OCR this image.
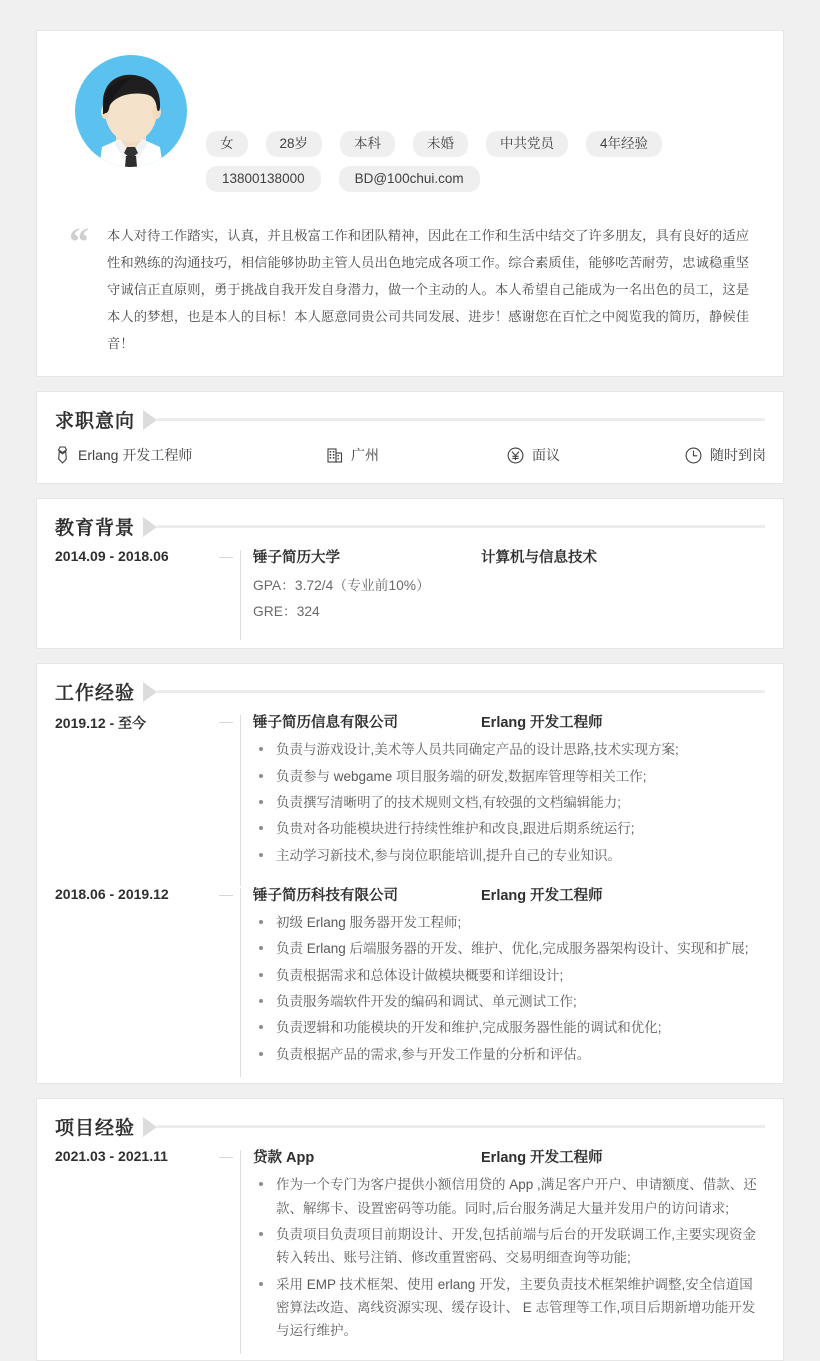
女	28岁	本科	未婚	中共党员	4年经验
13800138000	BD@100chui.com
“	本人对待工作踏实，认真，并且极富工作和团队精神，因此在工作和生活中结交了许多朋友，具有良好的适应性和熟练的沟通技巧，相信能够协助主管人员出色地完成各项工作。综合素质佳，能够吃苦耐劳，忠诚稳重坚守诚信正直原则，勇于挑战自我开发自身潜力，做一个主动的人。本人希望自己能成为一名出色的员工，这是本人的梦想，也是本人的目标！本人愿意同贵公司共同发展、进步！感谢您在百忙之中阅览我的简历，静候佳音！
求职意向
Erlang 开发工程师	广州	面议	随时到岗
教育背景
2014.09 - 2018.06	锤子简历大学	计算机与信息技术
GPA：3.72/4（专业前10%）
GRE：324
工作经验
2019.12 - 至今	锤子简历信息有限公司	Erlang 开发工程师
负责与游戏设计,美术等人员共同确定产品的设计思路,技术实现方案;
负责参与 webgame 项目服务端的研发,数据库管理等相关工作;
负责撰写清晰明了的技术规则文档,有较强的文档编辑能力;
负贵对各功能模块进行持续性维护和改良,跟进后期系统运行;
主动学习新技术,参与岗位职能培训,提升自己的专业知识。
2018.06 - 2019.12	锤子简历科技有限公司	Erlang 开发工程师
初级 Erlang 服务器开发工程师;
负责 Erlang 后端服务器的开发、维护、优化,完成服务器架构设计、实现和扩展;
负责根据需求和总体设计做模块概要和详细设计;
负责服务端软件开发的编码和调试、单元测试工作;
负责逻辑和功能模块的开发和维护,完成服务器性能的调试和优化;
负责根据产品的需求,参与开发工作量的分析和评估。
项目经验
2021.03 - 2021.11	贷款 App	Erlang 开发工程师
作为一个专门为客户提供小额信用贷的 App ,满足客户开户、申请额度、借款、还款、解绑卡、设置密码等功能。同时,后台服务满足大量并发用户的访问请求;
负责项目负责项目前期设计、开发,包括前端与后台的开发联调工作,主要实现资金转入转出、账号注销、修改重置密码、交易明细查询等功能;
采用 EMP 技术框架、使用 erlang 开发，主要负责技术框架维护调整,安全信道国密算法改造、离线资源实现、缓存设计、 E 志管理等工作,项目后期新增功能开发与运行维护。
